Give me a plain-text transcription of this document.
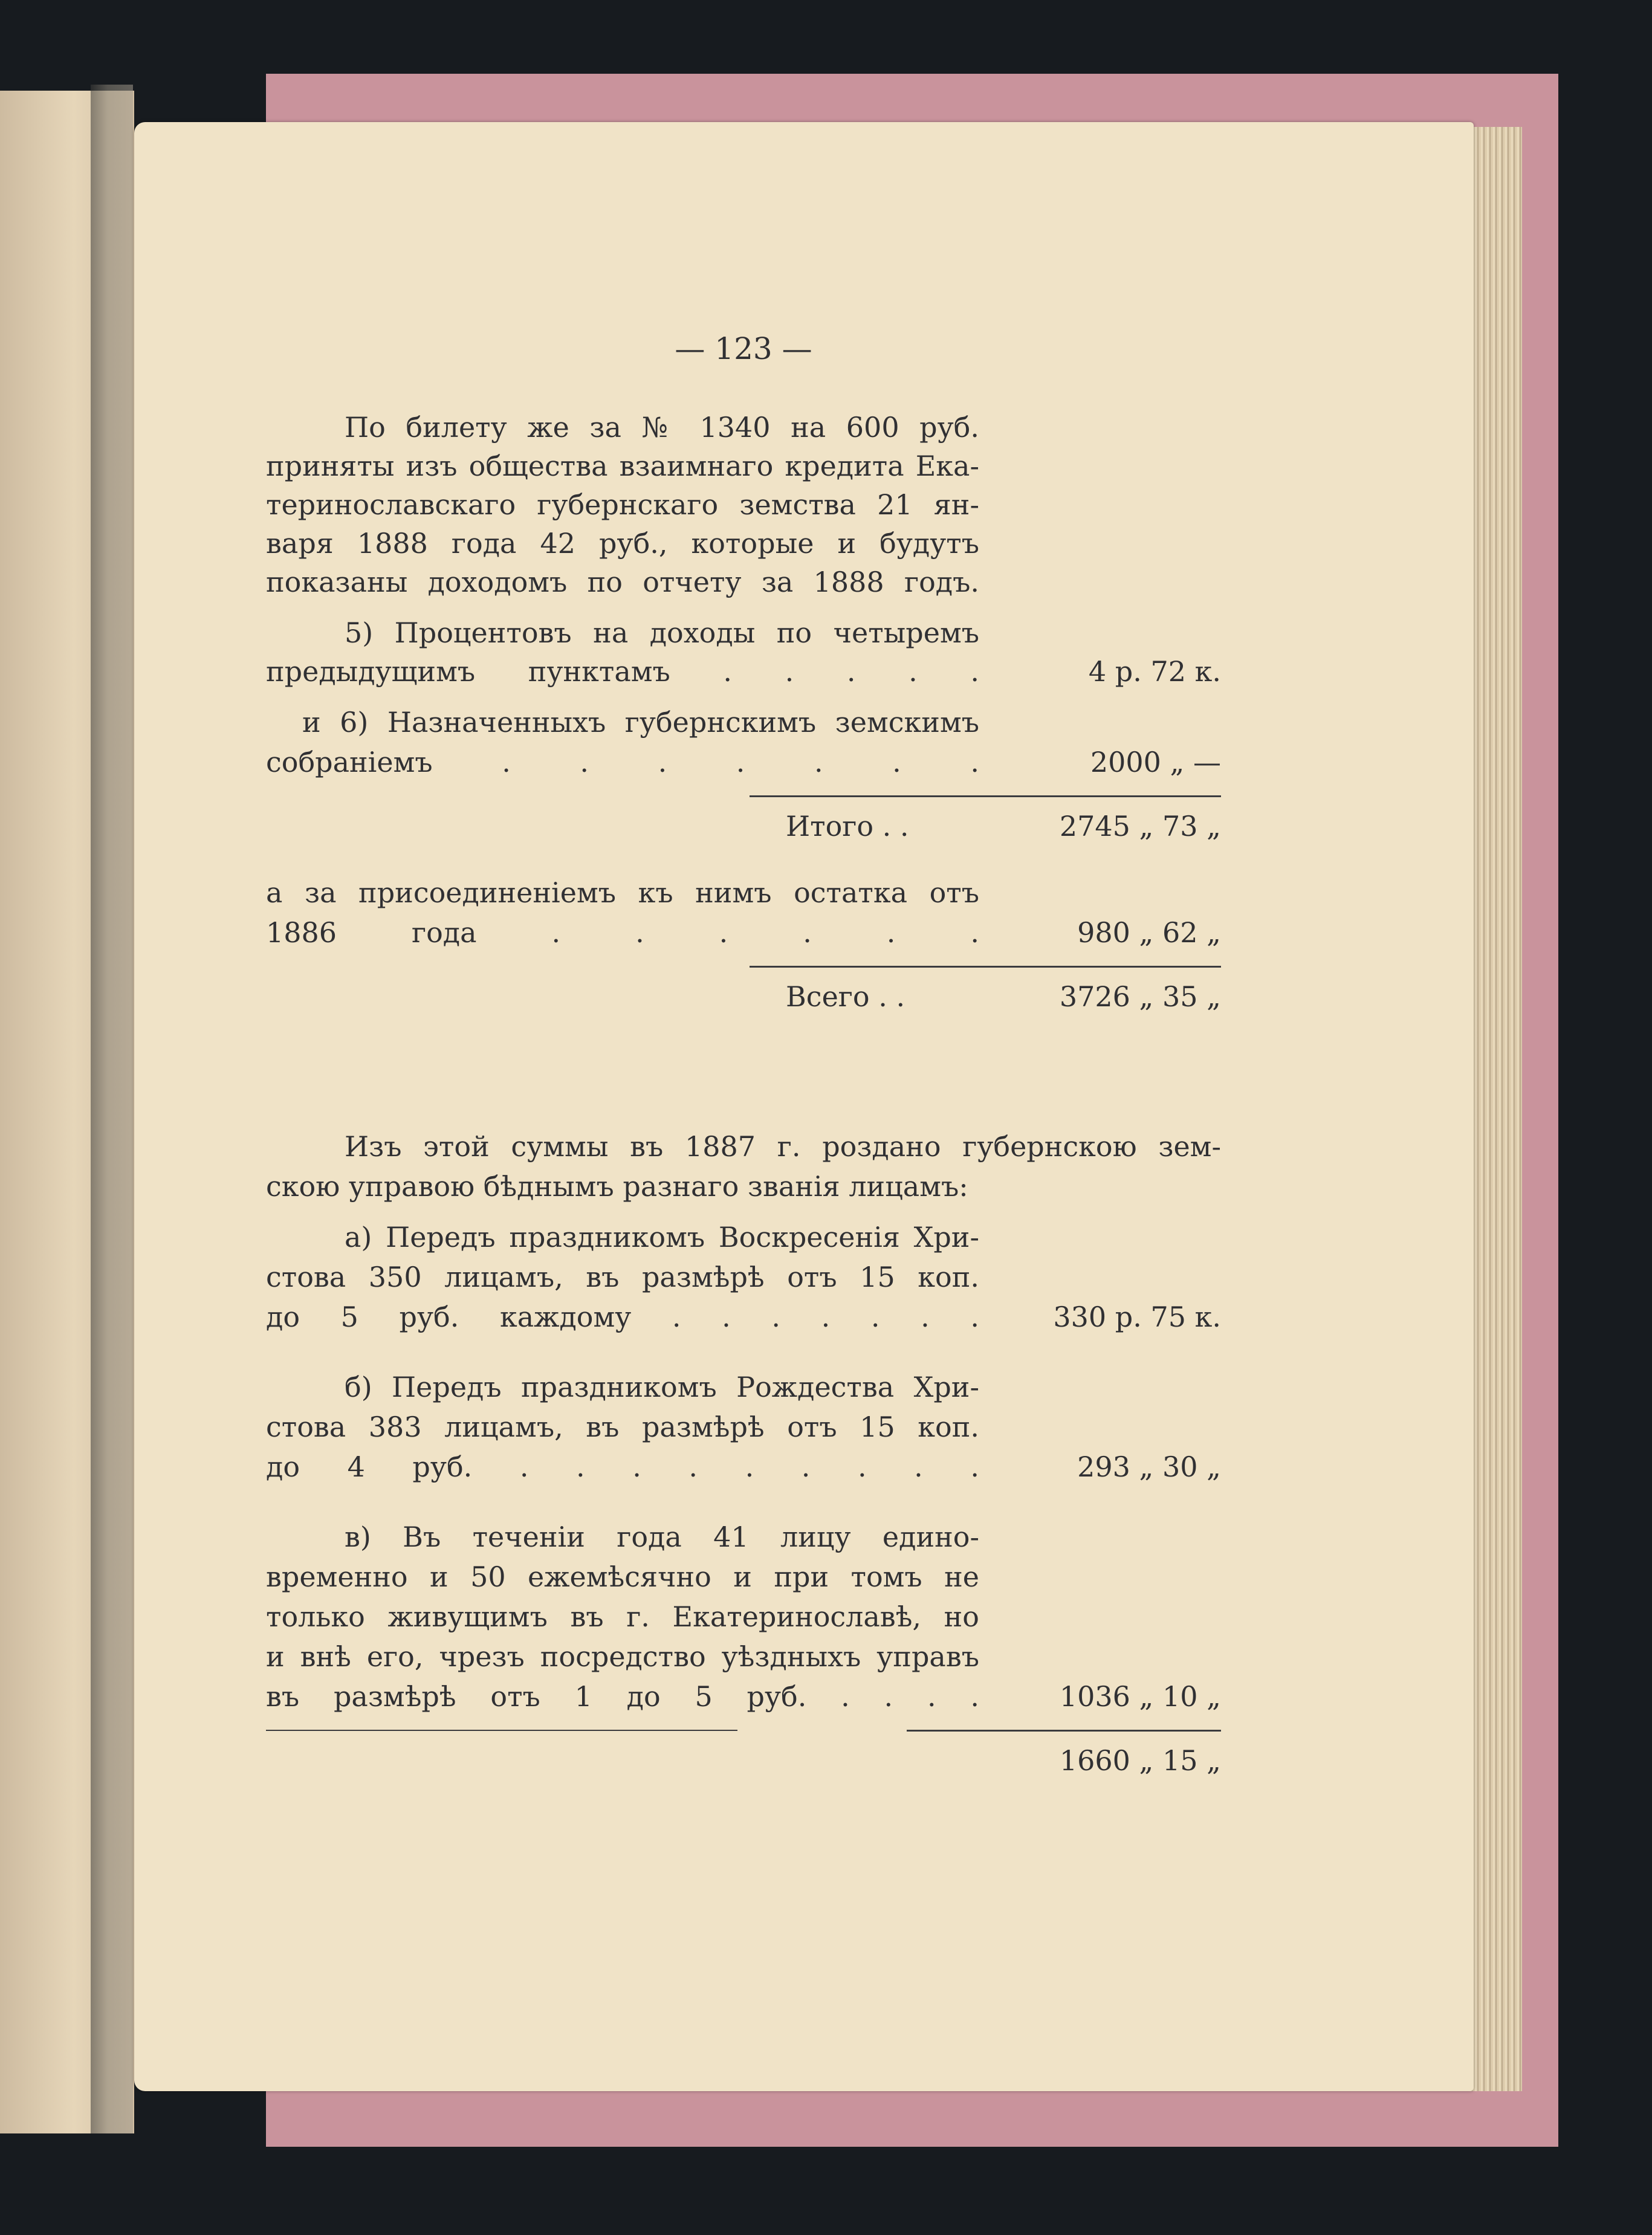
— 123 —
По билету же за № 1340 на 600 руб.
приняты изъ общества взаимнаго кредита Ека-
теринославскаго губернскаго земства 21 ян-
варя 1888 года 42 руб., которые и будутъ
показаны доходомъ по отчету за 1888 годъ.
5) Процентовъ на доходы по четыремъ
предыдущимъ пунктамъ . . . . .	4 р. 72 к.
и 6) Назначенныхъ губернскимъ земскимъ
собраніемъ . . . . . . .	2000 „ —
Итого . .	2745 „ 73 „
а за присоединеніемъ къ нимъ остатка отъ
1886 года . . . . . .	980 „ 62 „
Всего . .	3726 „ 35 „
Изъ этой суммы въ 1887 г. роздано губернскою зем-
скою управою бѣднымъ разнаго званія лицамъ:
а) Передъ праздникомъ Воскресенія Хри-
стова 350 лицамъ, въ размѣрѣ отъ 15 коп.
до 5 руб. каждому . . . . . . .	330 р. 75 к.
б) Передъ праздникомъ Рождества Хри-
стова 383 лицамъ, въ размѣрѣ отъ 15 коп.
до 4 руб. . . . . . . . . .	293 „ 30 „
в) Въ теченіи года 41 лицу едино-
временно и 50 ежемѣсячно и при томъ не
только живущимъ въ г. Екатеринославѣ, но
и внѣ его, чрезъ посредство уѣздныхъ управъ
въ размѣрѣ отъ 1 до 5 руб. . . . .	1036 „ 10 „
1660 „ 15 „
